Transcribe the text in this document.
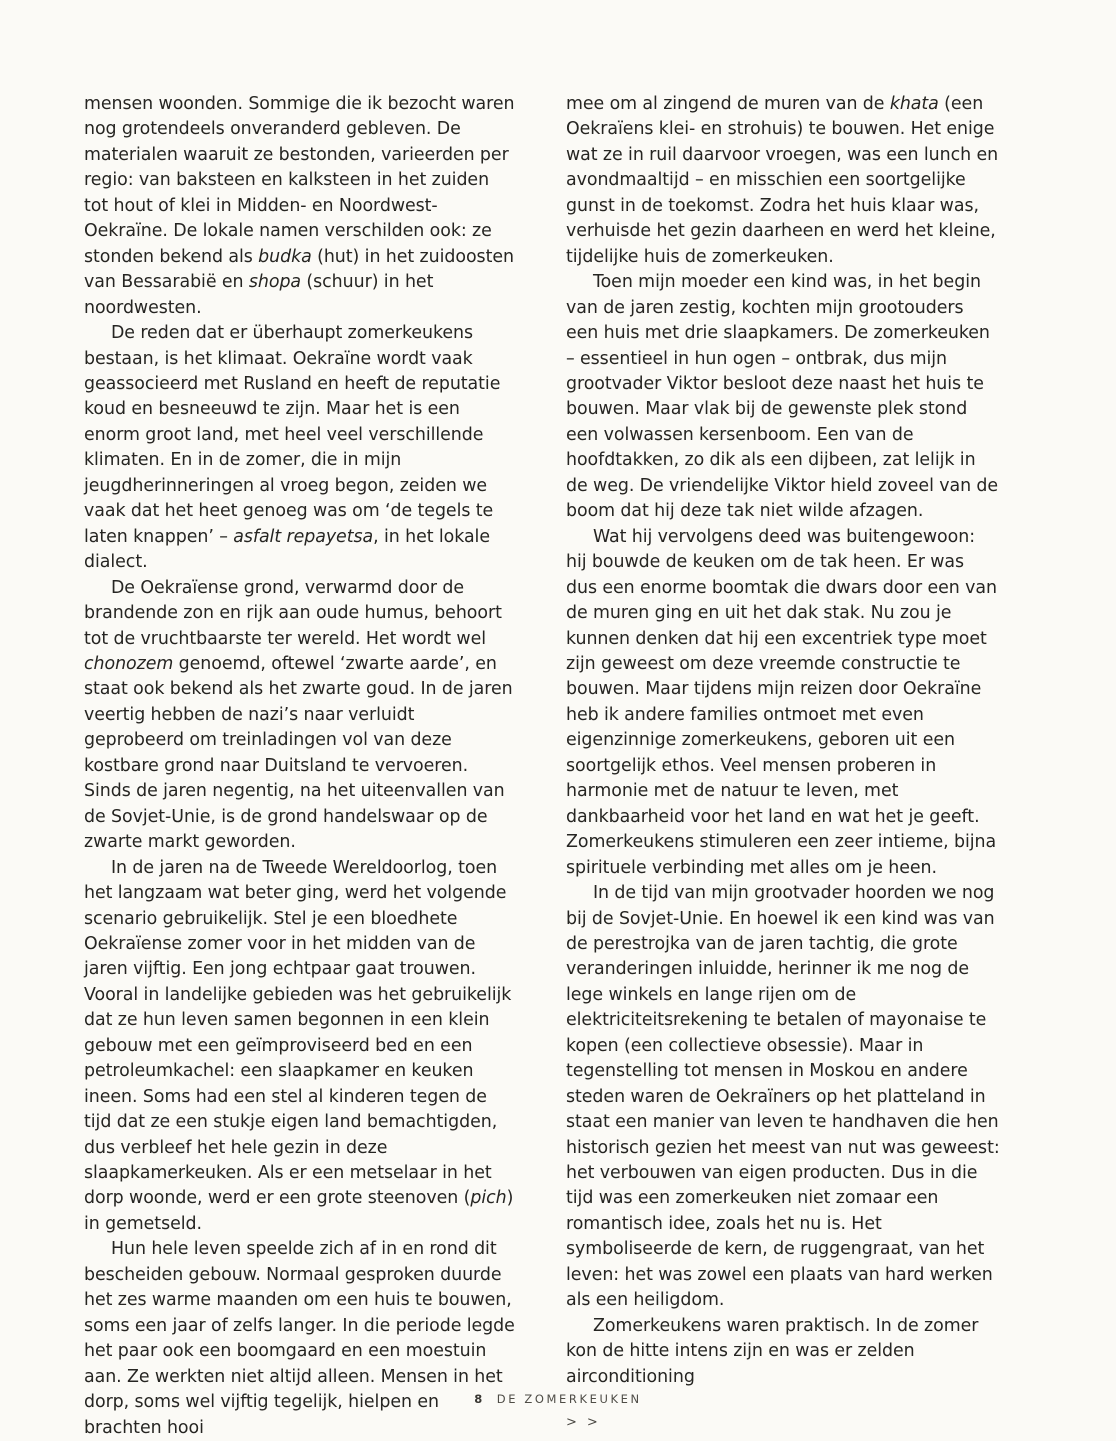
mensen woonden. Sommige die ik bezocht waren nog grotendeels onveranderd gebleven. De materialen waaruit ze bestonden, varieerden per regio: van baksteen en kalksteen in het zuiden tot hout of klei in Midden- en Noordwest-Oekraïne. De lokale namen verschilden ook: ze stonden bekend als budka (hut) in het zuidoosten van Bessarabië en shopa (schuur) in het noordwesten.

De reden dat er überhaupt zomerkeukens bestaan, is het klimaat. Oekraïne wordt vaak geassocieerd met Rusland en heeft de reputatie koud en besneeuwd te zijn. Maar het is een enorm groot land, met heel veel verschillende klimaten. En in de zomer, die in mijn jeugdherinneringen al vroeg begon, zeiden we vaak dat het heet genoeg was om ‘de tegels te laten knappen’ – asfalt repayetsa, in het lokale dialect.

De Oekraïense grond, verwarmd door de brandende zon en rijk aan oude humus, behoort tot de vruchtbaarste ter wereld. Het wordt wel chonozem genoemd, oftewel ‘zwarte aarde’, en staat ook bekend als het zwarte goud. In de jaren veertig hebben de nazi’s naar verluidt geprobeerd om treinladingen vol van deze kostbare grond naar Duitsland te vervoeren. Sinds de jaren negentig, na het uiteenvallen van de Sovjet-Unie, is de grond handelswaar op de zwarte markt geworden.

In de jaren na de Tweede Wereldoorlog, toen het langzaam wat beter ging, werd het volgende scenario gebruikelijk. Stel je een bloedhete Oekraïense zomer voor in het midden van de jaren vijftig. Een jong echtpaar gaat trouwen. Vooral in landelijke gebieden was het gebruikelijk dat ze hun leven samen begonnen in een klein gebouw met een geïmproviseerd bed en een petroleumkachel: een slaapkamer en keuken ineen. Soms had een stel al kinderen tegen de tijd dat ze een stukje eigen land bemachtigden, dus verbleef het hele gezin in deze slaapkamerkeuken. Als er een metselaar in het dorp woonde, werd er een grote steenoven (pich) in gemetseld.

Hun hele leven speelde zich af in en rond dit bescheiden gebouw. Normaal gesproken duurde het zes warme maanden om een huis te bouwen, soms een jaar of zelfs langer. In die periode legde het paar ook een boomgaard en een moestuin aan. Ze werkten niet altijd alleen. Mensen in het dorp, soms wel vijftig tegelijk, hielpen en brachten hooi

mee om al zingend de muren van de khata (een Oekraïens klei- en strohuis) te bouwen. Het enige wat ze in ruil daarvoor vroegen, was een lunch en avondmaaltijd – en misschien een soortgelijke gunst in de toekomst. Zodra het huis klaar was, verhuisde het gezin daarheen en werd het kleine, tijdelijke huis de zomerkeuken.

Toen mijn moeder een kind was, in het begin van de jaren zestig, kochten mijn grootouders een huis met drie slaapkamers. De zomerkeuken – essentieel in hun ogen – ontbrak, dus mijn grootvader Viktor besloot deze naast het huis te bouwen. Maar vlak bij de gewenste plek stond een volwassen kersenboom. Een van de hoofdtakken, zo dik als een dijbeen, zat lelijk in de weg. De vriendelijke Viktor hield zoveel van de boom dat hij deze tak niet wilde afzagen.

Wat hij vervolgens deed was buitengewoon: hij bouwde de keuken om de tak heen. Er was dus een enorme boomtak die dwars door een van de muren ging en uit het dak stak. Nu zou je kunnen denken dat hij een excentriek type moet zijn geweest om deze vreemde constructie te bouwen. Maar tijdens mijn reizen door Oekraïne heb ik andere families ontmoet met even eigenzinnige zomerkeukens, geboren uit een soortgelijk ethos. Veel mensen proberen in harmonie met de natuur te leven, met dankbaarheid voor het land en wat het je geeft. Zomerkeukens stimuleren een zeer intieme, bijna spirituele verbinding met alles om je heen.

In de tijd van mijn grootvader hoorden we nog bij de Sovjet-Unie. En hoewel ik een kind was van de perestrojka van de jaren tachtig, die grote veranderingen inluidde, herinner ik me nog de lege winkels en lange rijen om de elektriciteitsrekening te betalen of mayonaise te kopen (een collectieve obsessie). Maar in tegenstelling tot mensen in Moskou en andere steden waren de Oekraïners op het platteland in staat een manier van leven te handhaven die hen historisch gezien het meest van nut was geweest: het verbouwen van eigen producten. Dus in die tijd was een zomerkeuken niet zomaar een romantisch idee, zoals het nu is. Het symboliseerde de kern, de ruggengraat, van het leven: het was zowel een plaats van hard werken als een heiligdom.

Zomerkeukens waren praktisch. In de zomer kon de hitte intens zijn en was er zelden airconditioning

> >
8 DE ZOMERKEUKEN
